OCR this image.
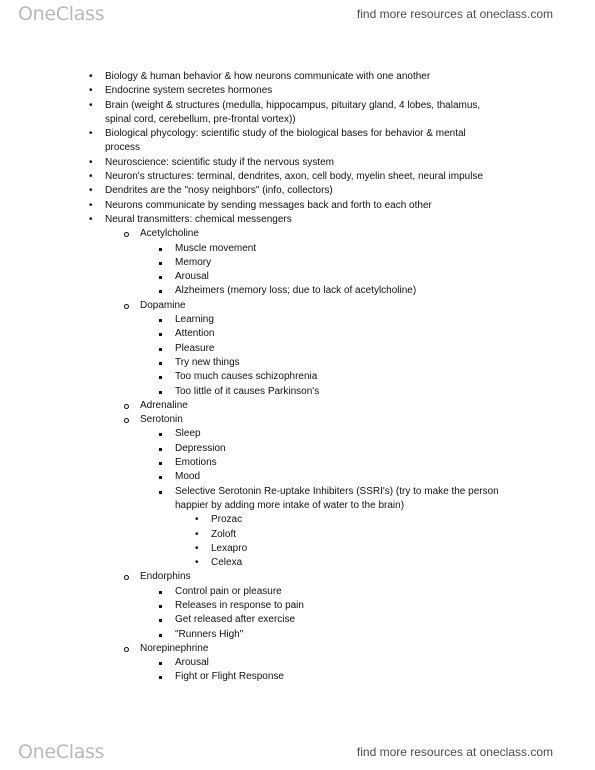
OneClass	find more resources at oneclass.com
• Biology & human behavior & how neurons communicate with one another
• Endocrine system secretes hormones
• Brain (weight & structures (medulla, hippocampus, pituitary gland, 4 lobes, thalamus, spinal cord, cerebellum, pre-frontal vortex))
• Biological phycology: scientific study of the biological bases for behavior & mental process
• Neuroscience: scientific study if the nervous system
• Neuron's structures: terminal, dendrites, axon, cell body, myelin sheet, neural impulse
• Dendrites are the "nosy neighbors" (info, collectors)
• Neurons communicate by sending messages back and forth to each other
• Neural transmitters: chemical messengers
Acetylcholine
Muscle movement
Memory
Arousal
Alzheimers (memory loss; due to lack of acetylcholine)
Dopamine
Learning
Attention
Pleasure
Try new things
Too much causes schizophrenia
Too little of it causes Parkinson's
Adrenaline
Serotonin
Sleep
Depression
Emotions
Mood
Selective Serotonin Re-uptake Inhibiters (SSRI's) (try to make the person happier by adding more intake of water to the brain)
• Prozac
• Zoloft
• Lexapro
• Celexa
Endorphins
Control pain or pleasure
Releases in response to pain
Get released after exercise
"Runners High"
Norepinephrine
Arousal
Fight or Flight Response
OneClass	find more resources at oneclass.com
